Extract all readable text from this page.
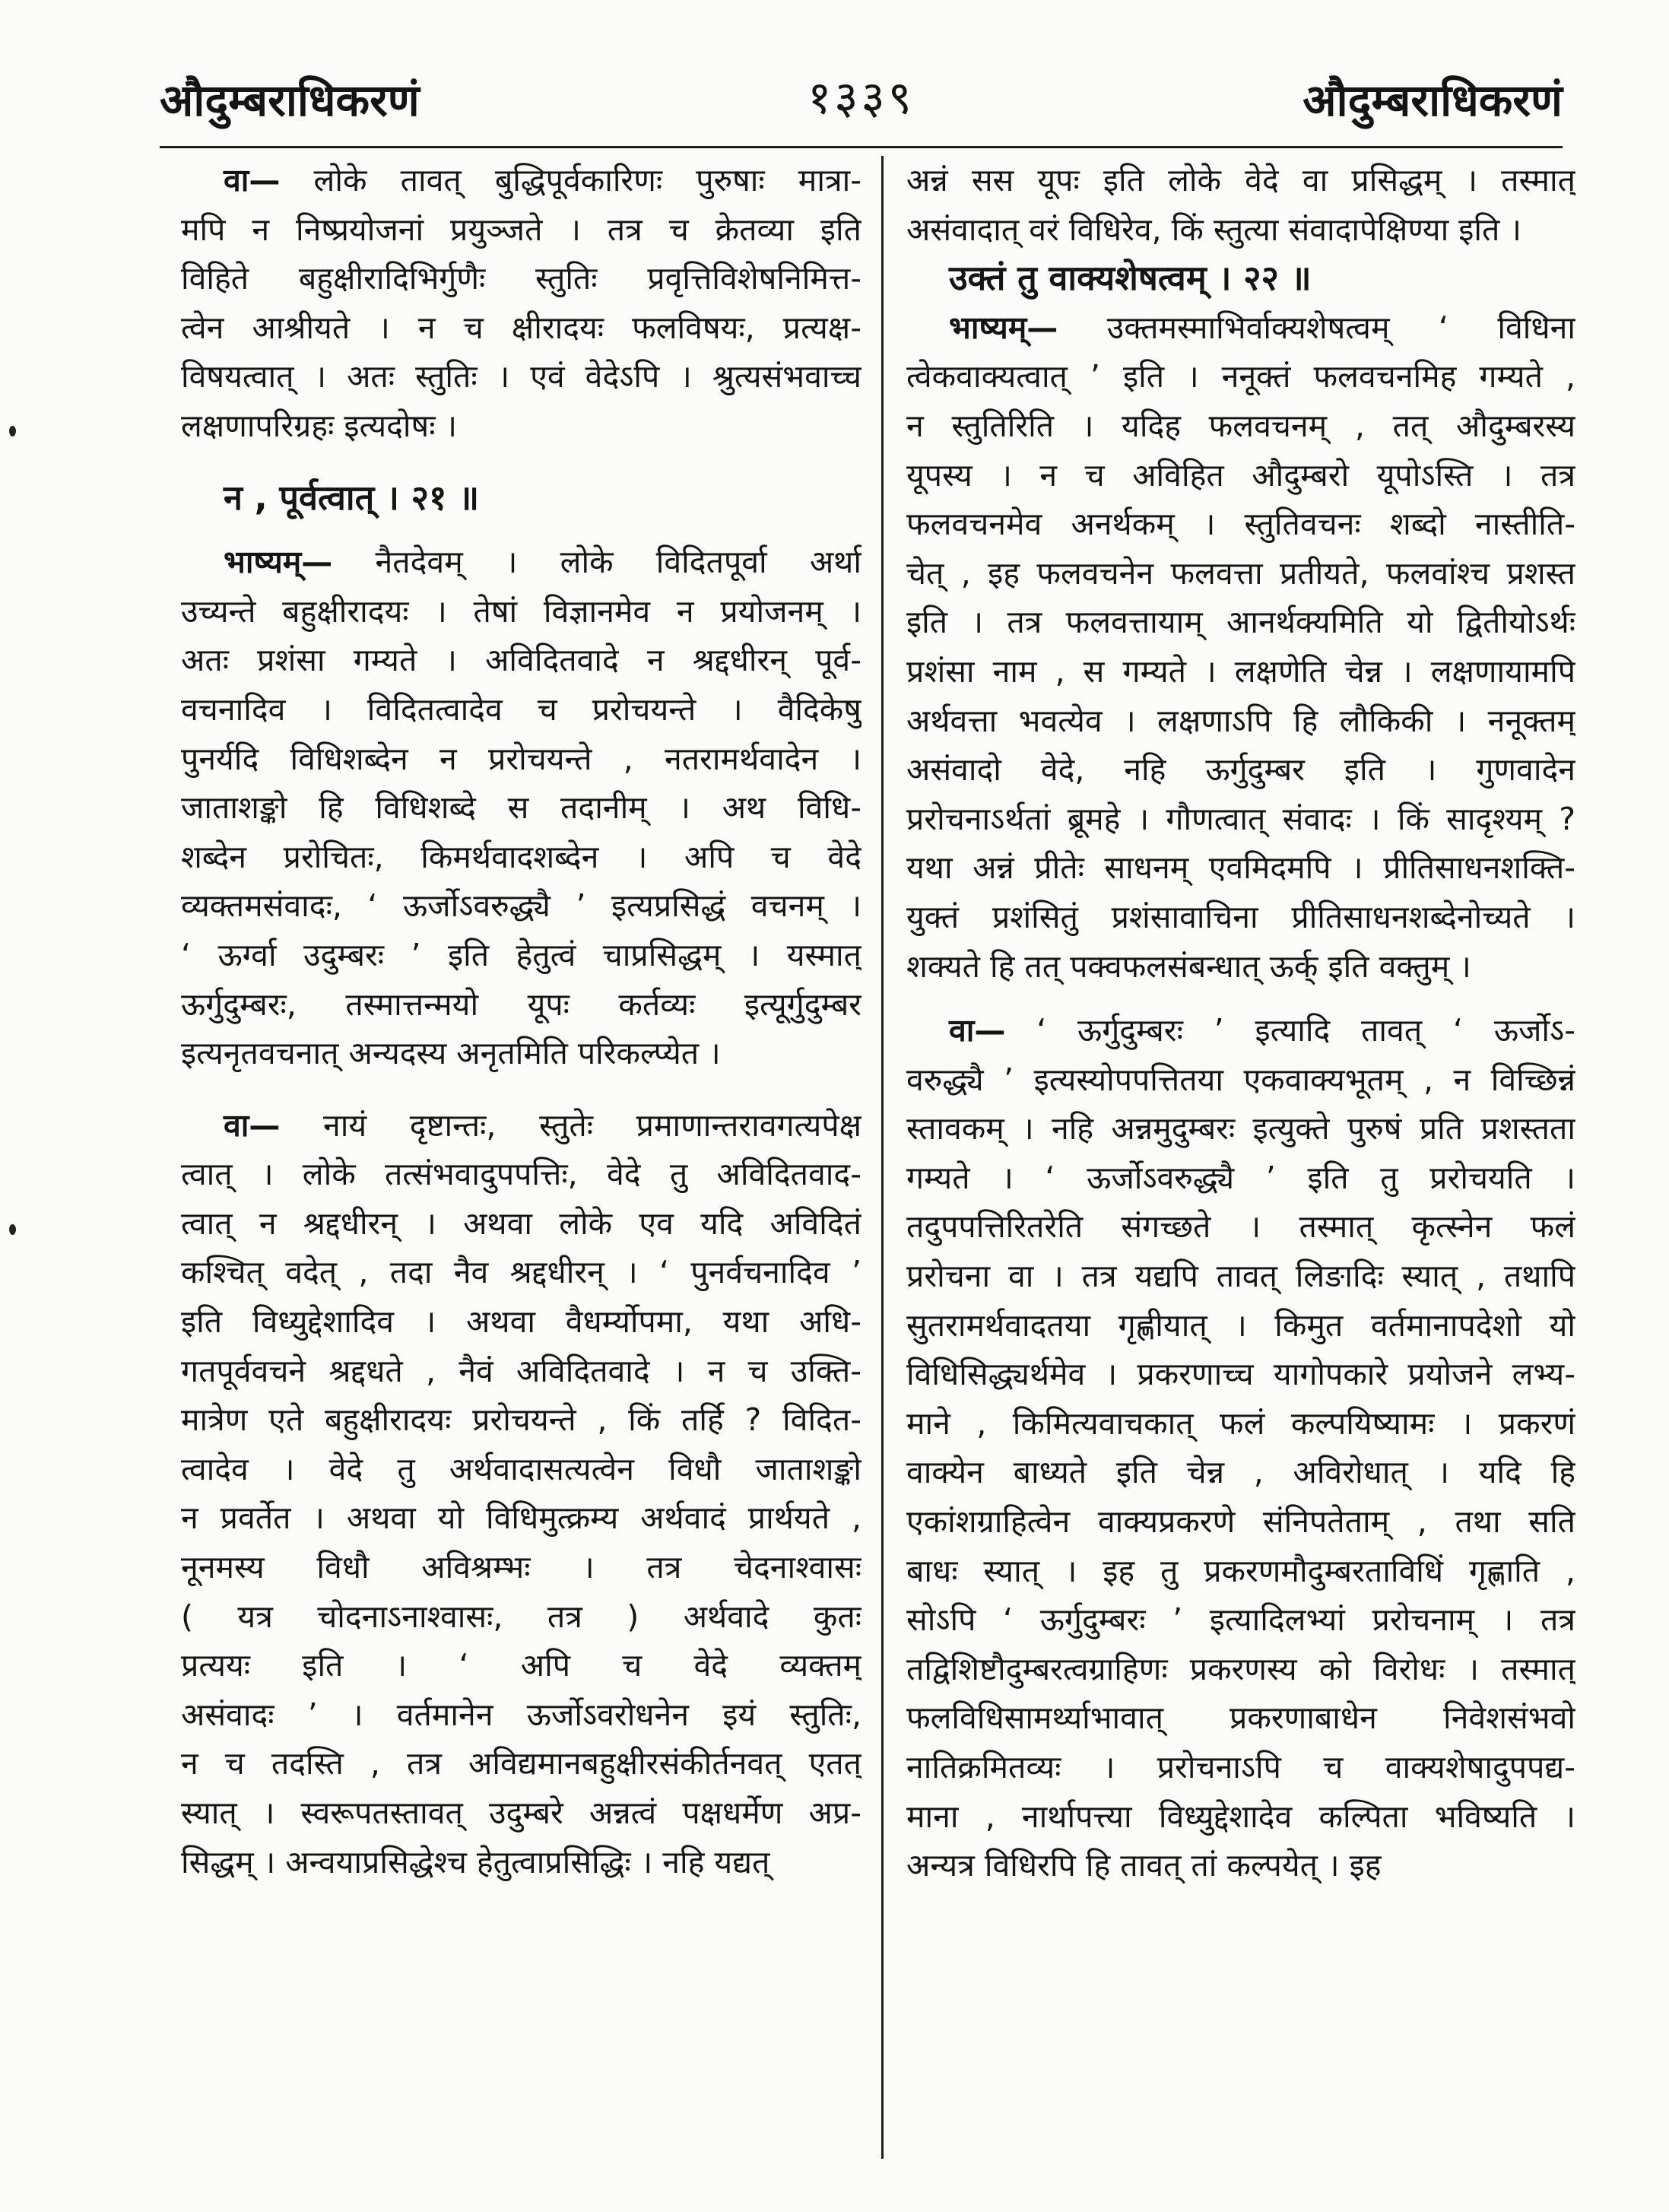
औदुम्बराधिकरणं	१३३९	औदुम्बराधिकरणं
वा— लोके तावत् बुद्धिपूर्वकारिणः पुरुषाः मात्रा-
मपि न निष्प्रयोजनां प्रयुञ्जते । तत्र च क्रेतव्या इति
विहिते बहुक्षीरादिभिर्गुणैः स्तुतिः प्रवृत्तिविशेषनिमित्त-
त्वेन आश्रीयते । न च क्षीरादयः फलविषयः, प्रत्यक्ष-
विषयत्वात् । अतः स्तुतिः । एवं वेदेऽपि । श्रुत्यसंभवाच्च
लक्षणापरिग्रहः इत्यदोषः ।
न , पूर्वत्वात् । २१ ॥
भाष्यम्— नैतदेवम् । लोके विदितपूर्वा अर्था
उच्यन्ते बहुक्षीरादयः । तेषां विज्ञानमेव न प्रयोजनम् ।
अतः प्रशंसा गम्यते । अविदितवादे न श्रद्दधीरन् पूर्व-
वचनादिव । विदितत्वादेव च प्ररोचयन्ते । वैदिकेषु
पुनर्यदि विधिशब्देन न प्ररोचयन्ते , नतरामर्थवादेन ।
जाताशङ्को हि विधिशब्दे स तदानीम् । अथ विधि-
शब्देन प्ररोचितः, किमर्थवादशब्देन । अपि च वेदे
व्यक्तमसंवादः, ‘ ऊर्जोऽवरुद्ध्यै ’ इत्यप्रसिद्धं वचनम् ।
‘ ऊर्ग्वा उदुम्बरः ’ इति हेतुत्वं चाप्रसिद्धम् । यस्मात्
ऊर्गुदुम्बरः, तस्मात्तन्मयो यूपः कर्तव्यः इत्यूर्गुदुम्बर
इत्यनृतवचनात् अन्यदस्य अनृतमिति परिकल्प्येत ।
वा— नायं दृष्टान्तः, स्तुतेः प्रमाणान्तरावगत्यपेक्ष
त्वात् । लोके तत्संभवादुपपत्तिः, वेदे तु अविदितवाद-
त्वात् न श्रद्दधीरन् । अथवा लोके एव यदि अविदितं
कश्चित् वदेत् , तदा नैव श्रद्दधीरन् । ‘ पुनर्वचनादिव ’
इति विध्युद्देशादिव । अथवा वैधर्म्योपमा, यथा अधि-
गतपूर्ववचने श्रद्दधते , नैवं अविदितवादे । न च उक्ति-
मात्रेण एते बहुक्षीरादयः प्ररोचयन्ते , किं तर्हि ? विदित-
त्वादेव । वेदे तु अर्थवादासत्यत्वेन विधौ जाताशङ्को
न प्रवर्तेत । अथवा यो विधिमुत्क्रम्य अर्थवादं प्रार्थयते ,
नूनमस्य विधौ अविश्रम्भः । तत्र चेदनाश्वासः
( यत्र चोदनाऽनाश्वासः, तत्र ) अर्थवादे कुतः
प्रत्ययः इति । ‘ अपि च वेदे व्यक्तम्
असंवादः ’ । वर्तमानेन ऊर्जोऽवरोधनेन इयं स्तुतिः,
न च तदस्ति , तत्र अविद्यमानबहुक्षीरसंकीर्तनवत् एतत्
स्यात् । स्वरूपतस्तावत् उदुम्बरे अन्नत्वं पक्षधर्मेण अप्र-
सिद्धम् । अन्वयाप्रसिद्धेश्च हेतुत्वाप्रसिद्धिः । नहि यद्यत्
अन्नं सस यूपः इति लोके वेदे वा प्रसिद्धम् । तस्मात्
असंवादात् वरं विधिरेव, किं स्तुत्या संवादापेक्षिण्या इति ।
उक्तं तु वाक्यशेषत्वम् । २२ ॥
भाष्यम्— उक्तमस्माभिर्वाक्यशेषत्वम् ‘ विधिना
त्वेकवाक्यत्वात् ’ इति । ननूक्तं फलवचनमिह गम्यते ,
न स्तुतिरिति । यदिह फलवचनम् , तत् औदुम्बरस्य
यूपस्य । न च अविहित औदुम्बरो यूपोऽस्ति । तत्र
फलवचनमेव अनर्थकम् । स्तुतिवचनः शब्दो नास्तीति-
चेत् , इह फलवचनेन फलवत्ता प्रतीयते, फलवांश्च प्रशस्त
इति । तत्र फलवत्तायाम् आनर्थक्यमिति यो द्वितीयोऽर्थः
प्रशंसा नाम , स गम्यते । लक्षणेति चेन्न । लक्षणायामपि
अर्थवत्ता भवत्येव । लक्षणाऽपि हि लौकिकी । ननूक्तम्
असंवादो वेदे, नहि ऊर्गुदुम्बर इति । गुणवादेन
प्ररोचनाऽर्थतां ब्रूमहे । गौणत्वात् संवादः । किं सादृश्यम् ?
यथा अन्नं प्रीतेः साधनम् एवमिदमपि । प्रीतिसाधनशक्ति-
युक्तं प्रशंसितुं प्रशंसावाचिना प्रीतिसाधनशब्देनोच्यते ।
शक्यते हि तत् पक्वफलसंबन्धात् ऊर्क् इति वक्तुम् ।
वा— ‘ ऊर्गुदुम्बरः ’ इत्यादि तावत् ‘ ऊर्जोऽ-
वरुद्ध्यै ’ इत्यस्योपपत्तितया एकवाक्यभूतम् , न विच्छिन्नं
स्तावकम् । नहि अन्नमुदुम्बरः इत्युक्ते पुरुषं प्रति प्रशस्तता
गम्यते । ‘ ऊर्जोऽवरुद्ध्यै ’ इति तु प्ररोचयति ।
तदुपपत्तिरितरेति संगच्छते । तस्मात् कृत्स्नेन फलं
प्ररोचना वा । तत्र यद्यपि तावत् लिङादिः स्यात् , तथापि
सुतरामर्थवादतया गृह्णीयात् । किमुत वर्तमानापदेशो यो
विधिसिद्ध्यर्थमेव । प्रकरणाच्च यागोपकारे प्रयोजने लभ्य-
माने , किमित्यवाचकात् फलं कल्पयिष्यामः । प्रकरणं
वाक्येन बाध्यते इति चेन्न , अविरोधात् । यदि हि
एकांशग्राहित्वेन वाक्यप्रकरणे संनिपतेताम् , तथा सति
बाधः स्यात् । इह तु प्रकरणमौदुम्बरताविधिं गृह्णाति ,
सोऽपि ‘ ऊर्गुदुम्बरः ’ इत्यादिलभ्यां प्ररोचनाम् । तत्र
तद्विशिष्टौदुम्बरत्वग्राहिणः प्रकरणस्य को विरोधः । तस्मात्
फलविधिसामर्थ्याभावात् प्रकरणाबाधेन निवेशसंभवो
नातिक्रमितव्यः । प्ररोचनाऽपि च वाक्यशेषादुपपद्य-
माना , नार्थापत्त्या विध्युद्देशादेव कल्पिता भविष्यति ।
अन्यत्र विधिरपि हि तावत् तां कल्पयेत् । इह
